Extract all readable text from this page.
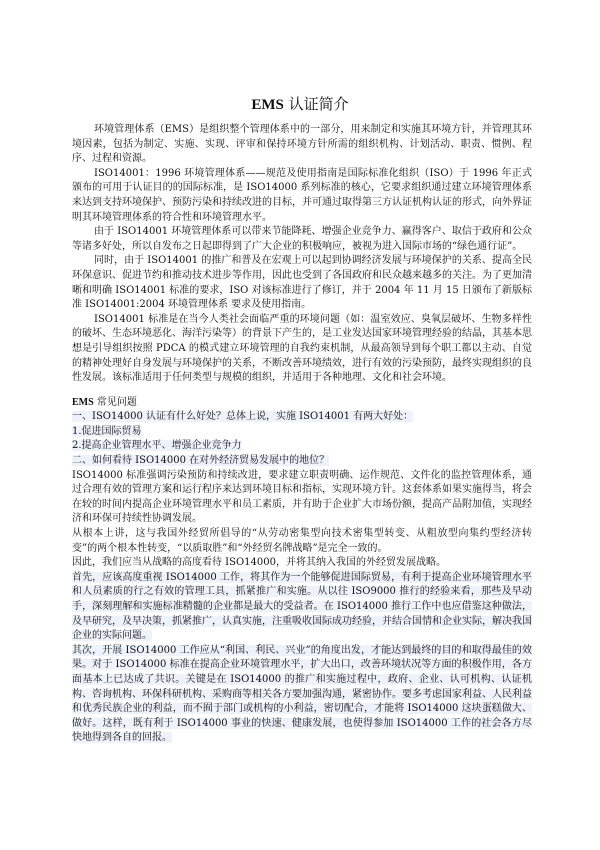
EMS 认证简介

环境管理体系（EMS）是组织整个管理体系中的一部分，用来制定和实施其环境方针，并管理其环境因素，包括为制定、实施、实现、评审和保持环境方针所需的组织机构、计划活动、职责、惯例、程序、过程和资源。

ISO14001：1996 环境管理体系——规范及使用指南是国际标准化组织（ISO）于 1996 年正式颁布的可用于认证目的的国际标准，是 ISO14000 系列标准的核心，它要求组织通过建立环境管理体系来达到支持环境保护、预防污染和持续改进的目标，并可通过取得第三方认证机构认证的形式，向外界证明其环境管理体系的符合性和环境管理水平。

由于 ISO14001 环境管理体系可以带来节能降耗、增强企业竞争力、赢得客户、取信于政府和公众等诸多好处，所以自发布之日起即得到了广大企业的积极响应，被视为进入国际市场的“绿色通行证”。

同时，由于 ISO14001 的推广和普及在宏观上可以起到协调经济发展与环境保护的关系、提高全民环保意识、促进节约和推动技术进步等作用，因此也受到了各国政府和民众越来越多的关注。为了更加清晰和明确 ISO14001 标准的要求，ISO 对该标准进行了修订，并于 2004 年 11 月 15 日颁布了新版标准 ISO14001:2004 环境管理体系 要求及使用指南。

ISO14001 标准是在当今人类社会面临严重的环境问题（如：温室效应、臭氧层破坏、生物多样性的破坏、生态环境恶化、海洋污染等）的背景下产生的，是工业发达国家环境管理经验的结晶，其基本思想是引导组织按照 PDCA 的模式建立环境管理的自我约束机制，从最高领导到每个职工都以主动、自觉的精神处理好自身发展与环境保护的关系，不断改善环境绩效，进行有效的污染预防，最终实现组织的良性发展。该标准适用于任何类型与规模的组织，并适用于各种地理、文化和社会环境。

EMS 常见问题

一、ISO14000 认证有什么好处？总体上说，实施 ISO14001 有两大好处：

1.促进国际贸易

2.提高企业管理水平、增强企业竞争力

二、如何看待 ISO14000 在对外经济贸易发展中的地位？

ISO14000 标准强调污染预防和持续改进，要求建立职责明确、运作规范、文件化的监控管理体系，通过合理有效的管理方案和运行程序来达到环境目标和指标，实现环境方针。这套体系如果实施得当，将会在较的时间内提高企业环境管理水平和员工素质，并有助于企业扩大市场份额，提高产品附加值，实现经济和环保可持续性协调发展。

从根本上讲，这与我国外经贸所倡导的“从劳动密集型向技术密集型转变、从粗放型向集约型经济转变”的两个根本性转变，“以质取胜”和“外经贸名牌战略”是完全一致的。

因此，我们应当从战略的高度看待 ISO14000，并将其纳入我国的外经贸发展战略。

首先，应该高度重视 ISO14000 工作，将其作为一个能够促进国际贸易，有利于提高企业环境管理水平和人员素质的行之有效的管理工具，抓紧推广和实施。从以往 ISO9000 推行的经验来看，那些及早动手，深刻理解和实施标准精髓的企业都是最大的受益者。在 ISO14000 推行工作中也应借鉴这种做法，及早研究，及早决策，抓紧推广，认真实施，注重吸收国际成功经验，并结合国情和企业实际，解决我国企业的实际问题。

其次，开展 ISO14000 工作应从“利国、利民、兴业”的角度出发，才能达到最终的目的和取得最佳的效果。对于 ISO14000 标准在提高企业环境管理水平，扩大出口，改善环境状况等方面的积极作用，各方面基本上已达成了共识。关键是在 ISO14000 的推广和实施过程中，政府、企业、认可机构、认证机构、咨询机构、环保科研机构、采购商等相关各方要加强沟通，紧密协作。要多考虑国家利益、人民利益和优秀民族企业的利益，而不囿于部门或机构的小利益，密切配合，才能将 ISO14000 这块蛋糕做大、做好。这样，既有利于 ISO14000 事业的快速、健康发展，也使得参加 ISO14000 工作的社会各方尽快地得到各自的回报。
